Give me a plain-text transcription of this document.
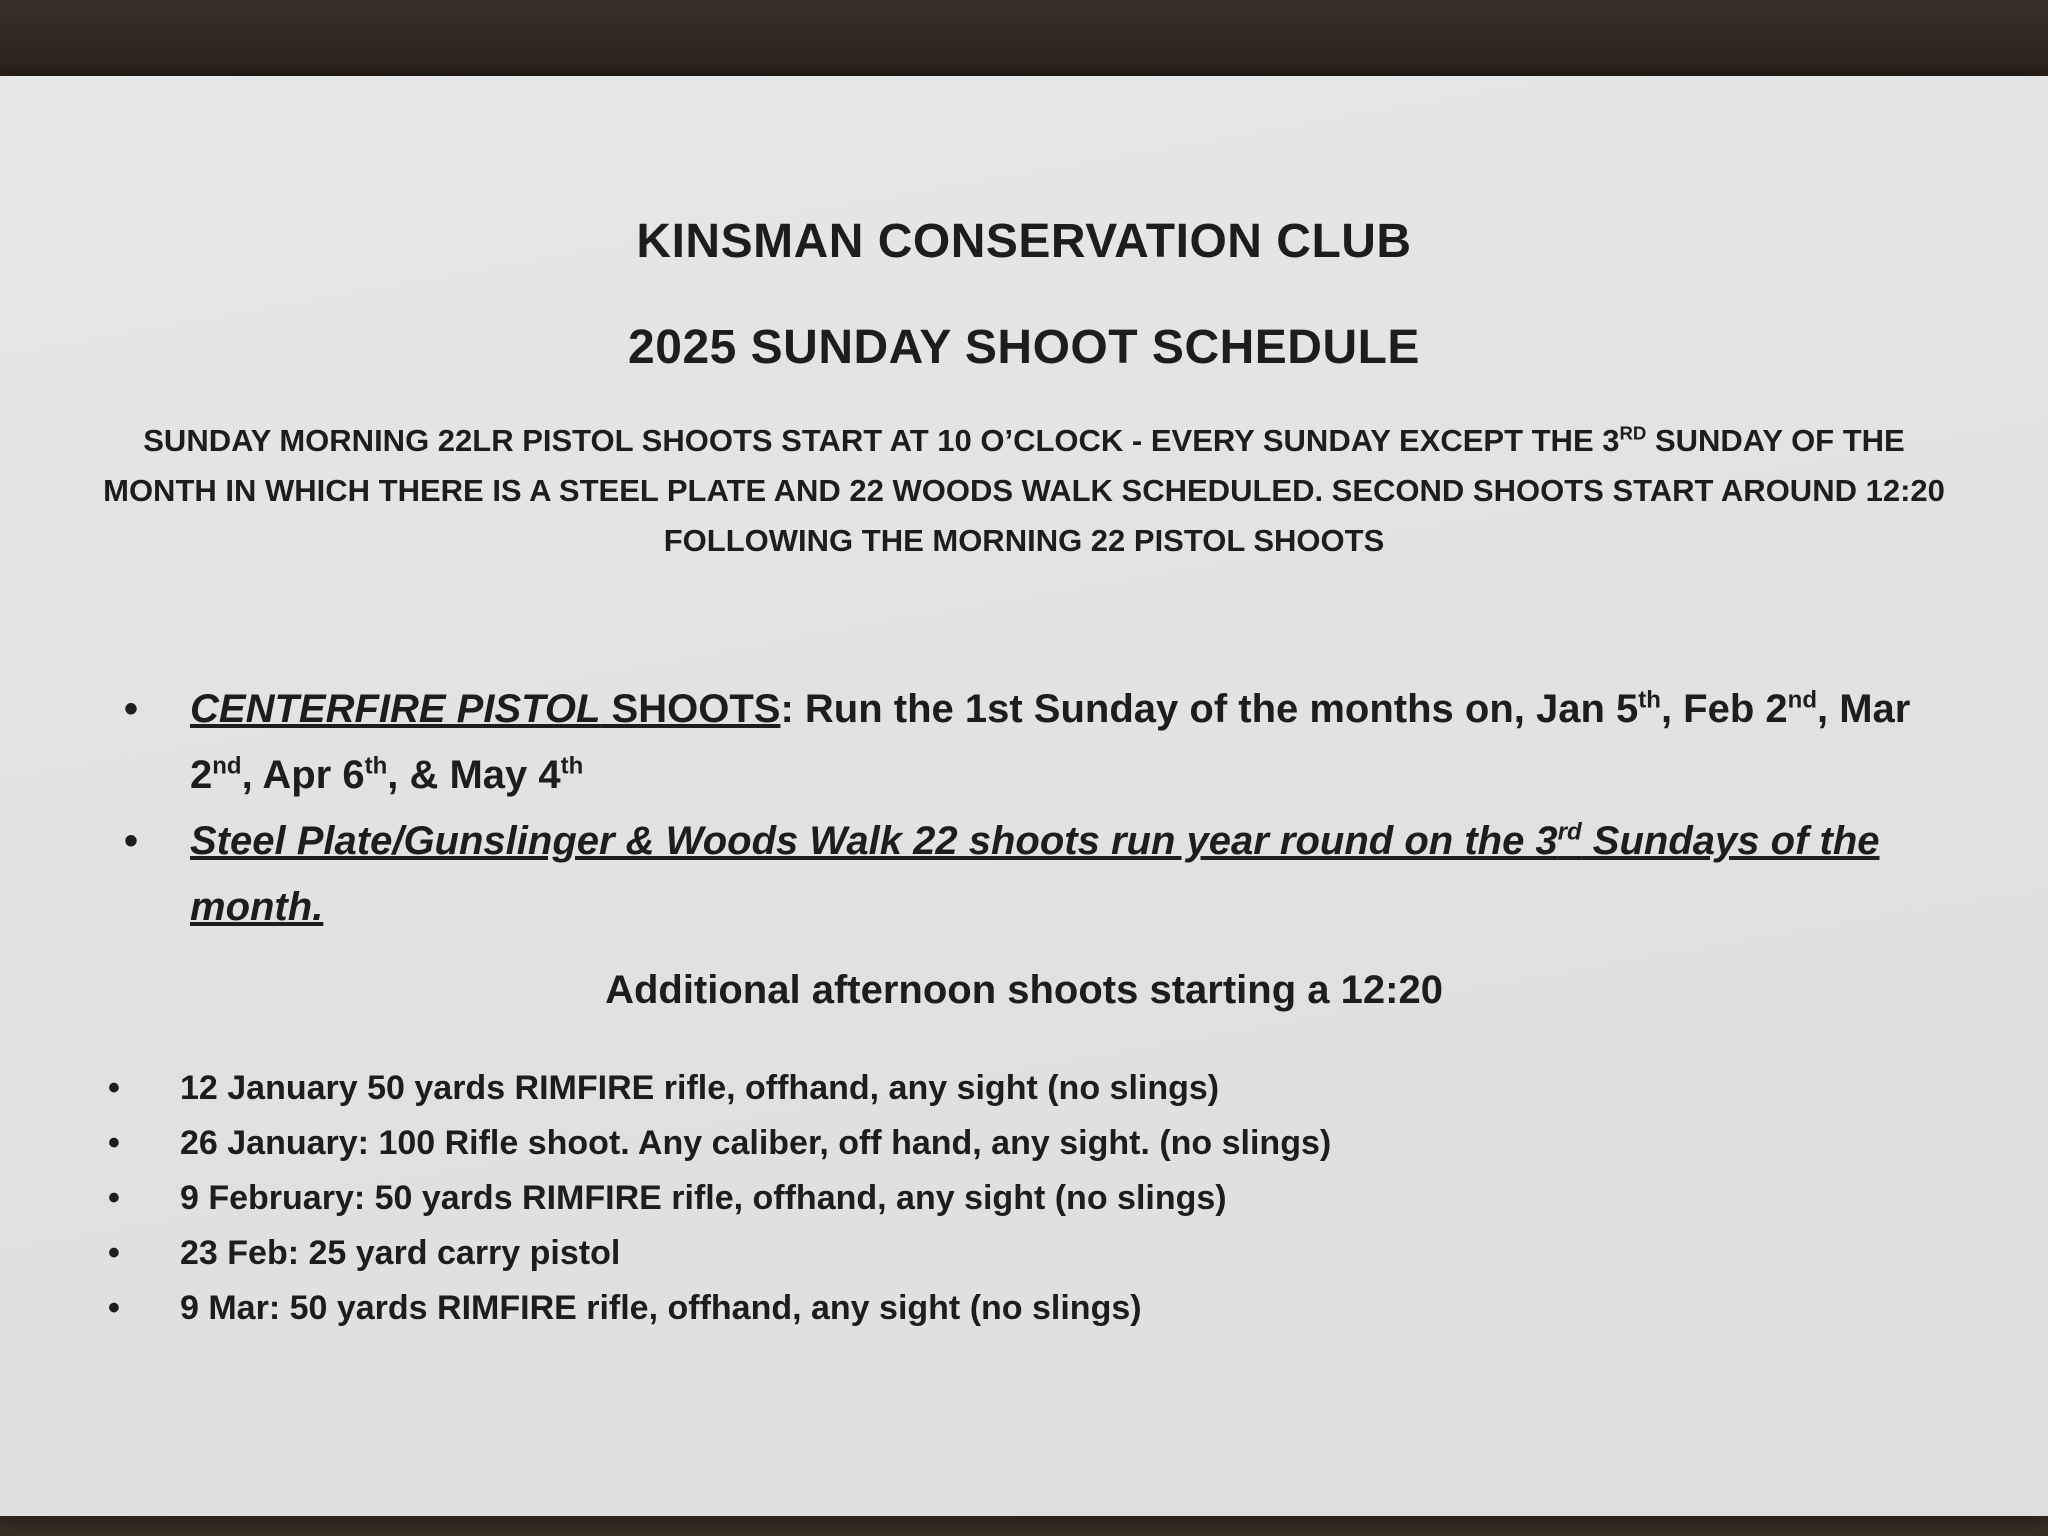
KINSMAN CONSERVATION CLUB
2025 SUNDAY SHOOT SCHEDULE
SUNDAY MORNING 22LR PISTOL SHOOTS START AT 10 O’CLOCK - EVERY SUNDAY EXCEPT THE 3RD SUNDAY OF THE MONTH IN WHICH THERE IS A STEEL PLATE AND 22 WOODS WALK SCHEDULED. SECOND SHOOTS START AROUND 12:20 FOLLOWING THE MORNING 22 PISTOL SHOOTS
• CENTERFIRE PISTOL SHOOTS: Run the 1st Sunday of the months on, Jan 5th, Feb 2nd, Mar 2nd, Apr 6th, & May 4th
• Steel Plate/Gunslinger & Woods Walk 22 shoots run year round on the 3rd Sundays of the month.
Additional afternoon shoots starting a 12:20
• 12 January 50 yards RIMFIRE rifle, offhand, any sight (no slings)
• 26 January: 100 Rifle shoot. Any caliber, off hand, any sight. (no slings)
• 9 February: 50 yards RIMFIRE rifle, offhand, any sight (no slings)
• 23 Feb: 25 yard carry pistol
• 9 Mar: 50 yards RIMFIRE rifle, offhand, any sight (no slings)
